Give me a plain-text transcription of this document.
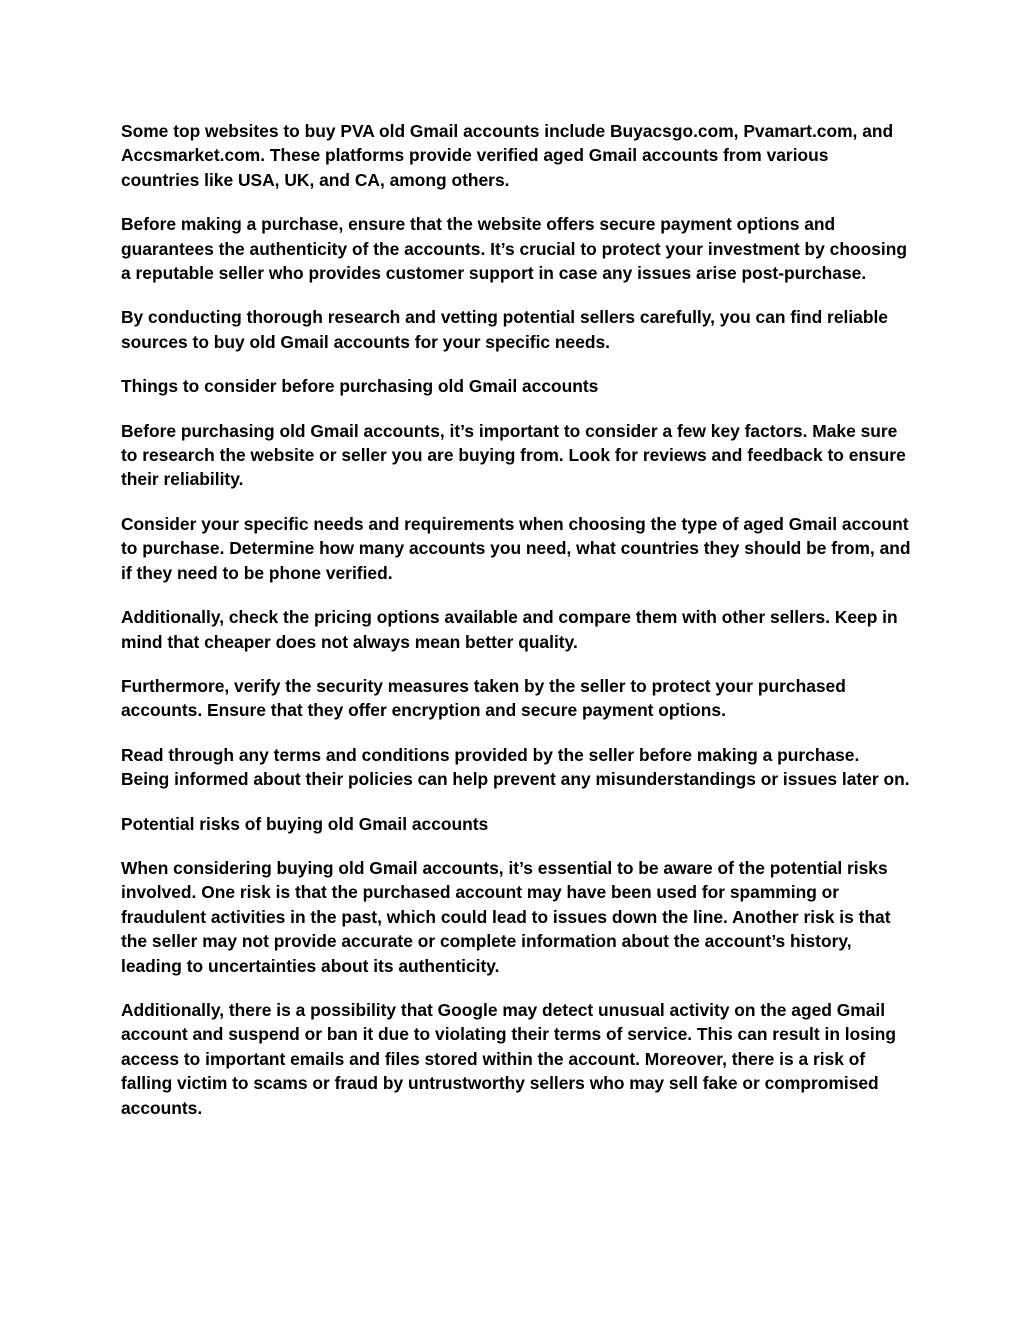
Some top websites to buy PVA old Gmail accounts include Buyacsgo.com, Pvamart.com, and Accsmarket.com. These platforms provide verified aged Gmail accounts from various countries like USA, UK, and CA, among others.

Before making a purchase, ensure that the website offers secure payment options and guarantees the authenticity of the accounts. It’s crucial to protect your investment by choosing a reputable seller who provides customer support in case any issues arise post-purchase.

By conducting thorough research and vetting potential sellers carefully, you can find reliable sources to buy old Gmail accounts for your specific needs.

Things to consider before purchasing old Gmail accounts

Before purchasing old Gmail accounts, it’s important to consider a few key factors. Make sure to research the website or seller you are buying from. Look for reviews and feedback to ensure their reliability.

Consider your specific needs and requirements when choosing the type of aged Gmail account to purchase. Determine how many accounts you need, what countries they should be from, and if they need to be phone verified.

Additionally, check the pricing options available and compare them with other sellers. Keep in mind that cheaper does not always mean better quality.

Furthermore, verify the security measures taken by the seller to protect your purchased accounts. Ensure that they offer encryption and secure payment options.

Read through any terms and conditions provided by the seller before making a purchase. Being informed about their policies can help prevent any misunderstandings or issues later on.

Potential risks of buying old Gmail accounts

When considering buying old Gmail accounts, it’s essential to be aware of the potential risks involved. One risk is that the purchased account may have been used for spamming or fraudulent activities in the past, which could lead to issues down the line. Another risk is that the seller may not provide accurate or complete information about the account’s history, leading to uncertainties about its authenticity.

Additionally, there is a possibility that Google may detect unusual activity on the aged Gmail account and suspend or ban it due to violating their terms of service. This can result in losing access to important emails and files stored within the account. Moreover, there is a risk of falling victim to scams or fraud by untrustworthy sellers who may sell fake or compromised accounts.
